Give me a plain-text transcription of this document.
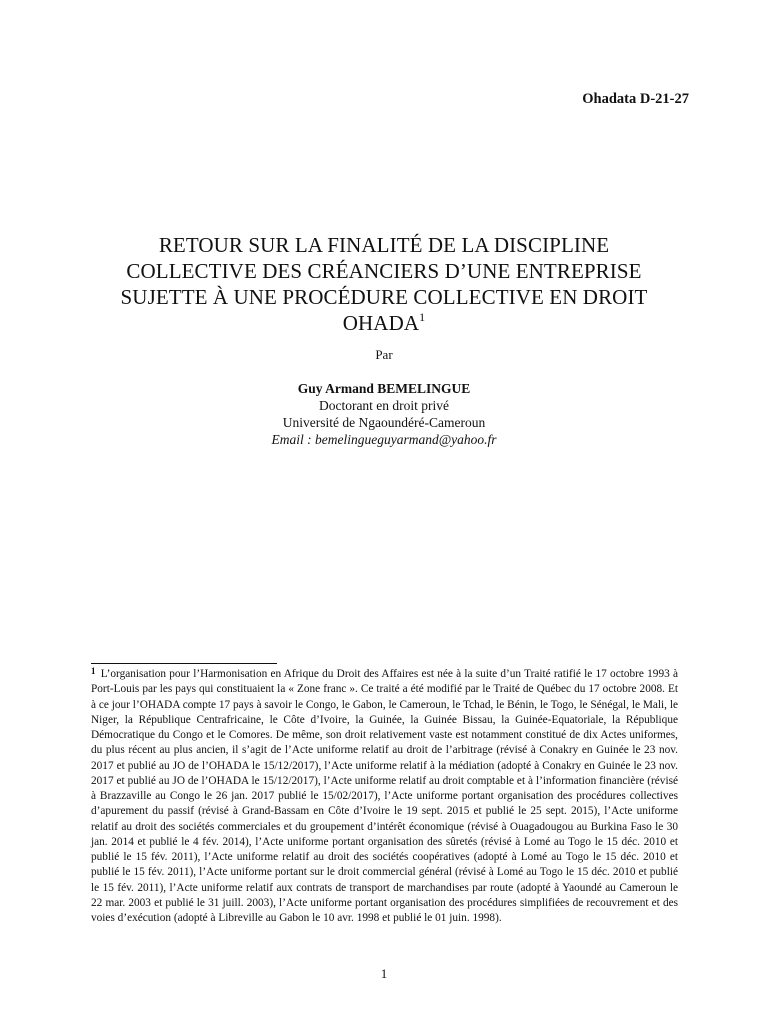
Ohadata D-21-27
RETOUR SUR LA FINALITÉ DE LA DISCIPLINE
COLLECTIVE DES CRÉANCIERS D’UNE ENTREPRISE
SUJETTE À UNE PROCÉDURE COLLECTIVE EN DROIT
OHADA$^1$
Par
Guy Armand BEMELINGUE
Doctorant en droit privé
Université de Ngaoundéré-Cameroun
Email : bemelingueguyarmand@yahoo.fr
$^1$ L’organisation pour l’Harmonisation en Afrique du Droit des Affaires est née à la suite d’un Traité ratifié le 17 octobre 1993 à Port-Louis par les pays qui constituaient la « Zone franc ». Ce traité a été modifié par le Traité de Québec du 17 octobre 2008. Et à ce jour l’OHADA compte 17 pays à savoir le Congo, le Gabon, le Cameroun, le Tchad, le Bénin, le Togo, le Sénégal, le Mali, le Niger, la République Centrafricaine, le Côte d’Ivoire, la Guinée, la Guinée Bissau, la Guinée-Equatoriale, la République Démocratique du Congo et le Comores. De même, son droit relativement vaste est notamment constitué de dix Actes uniformes, du plus récent au plus ancien, il s’agit de l’Acte uniforme relatif au droit de l’arbitrage (révisé à Conakry en Guinée le 23 nov. 2017 et publié au JO de l’OHADA le 15/12/2017), l’Acte uniforme relatif à la médiation (adopté à Conakry en Guinée le 23 nov. 2017 et publié au JO de l’OHADA le 15/12/2017), l’Acte uniforme relatif au droit comptable et à l’information financière (révisé à Brazzaville au Congo le 26 jan. 2017 publié le 15/02/2017), l’Acte uniforme portant organisation des procédures collectives d’apurement du passif (révisé à Grand-Bassam en Côte d’Ivoire le 19 sept. 2015 et publié le 25 sept. 2015), l’Acte uniforme relatif au droit des sociétés commerciales et du groupement d’intérêt économique (révisé à Ouagadougou au Burkina Faso le 30 jan. 2014 et publié le 4 fév. 2014), l’Acte uniforme portant organisation des sûretés (révisé à Lomé au Togo le 15 déc. 2010 et publié le 15 fév. 2011), l’Acte uniforme relatif au droit des sociétés coopératives (adopté à Lomé au Togo le 15 déc. 2010 et publié le 15 fév. 2011), l’Acte uniforme portant sur le droit commercial général (révisé à Lomé au Togo le 15 déc. 2010 et publié le 15 fév. 2011), l’Acte uniforme relatif aux contrats de transport de marchandises par route (adopté à Yaoundé au Cameroun le 22 mar. 2003 et publié le 31 juill. 2003), l’Acte uniforme portant organisation des procédures simplifiées de recouvrement et des voies d’exécution (adopté à Libreville au Gabon le 10 avr. 1998 et publié le 01 juin. 1998).
1
